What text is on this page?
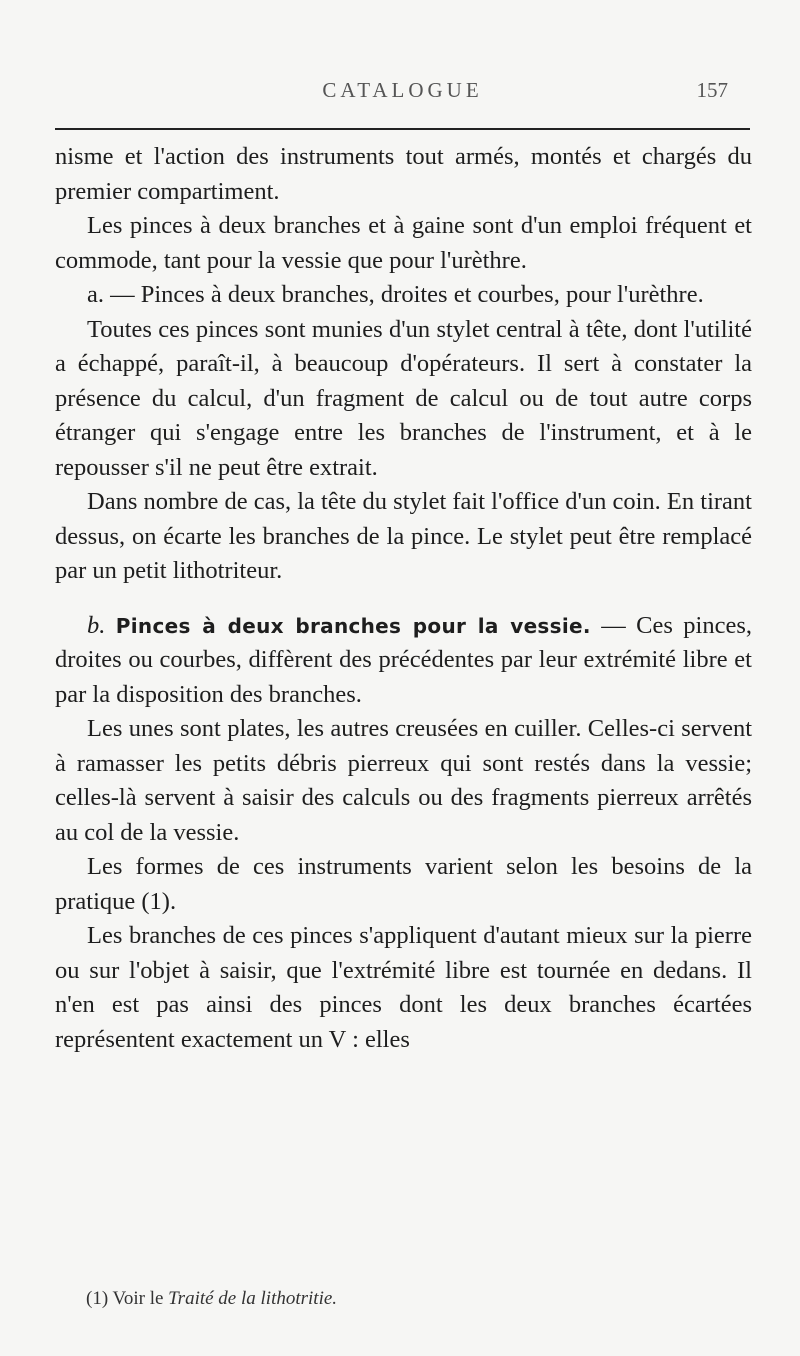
CATALOGUE	157

nisme et l'action des instruments tout armés, montés et chargés du premier compartiment.

Les pinces à deux branches et à gaine sont d'un emploi fréquent et commode, tant pour la vessie que pour l'urèthre.

a. — Pinces à deux branches, droites et courbes, pour l'urèthre.

Toutes ces pinces sont munies d'un stylet central à tête, dont l'utilité a échappé, paraît-il, à beaucoup d'opérateurs. Il sert à constater la présence du calcul, d'un fragment de calcul ou de tout autre corps étranger qui s'engage entre les branches de l'instrument, et à le repousser s'il ne peut être extrait.

Dans nombre de cas, la tête du stylet fait l'office d'un coin. En tirant dessus, on écarte les branches de la pince. Le stylet peut être remplacé par un petit lithotriteur.

b. Pinces à deux branches pour la vessie. — Ces pinces, droites ou courbes, diffèrent des précédentes par leur extrémité libre et par la disposition des branches.

Les unes sont plates, les autres creusées en cuiller. Celles-ci servent à ramasser les petits débris pierreux qui sont restés dans la vessie; celles-là servent à saisir des calculs ou des fragments pierreux arrêtés au col de la vessie.

Les formes de ces instruments varient selon les besoins de la pratique (1).

Les branches de ces pinces s'appliquent d'autant mieux sur la pierre ou sur l'objet à saisir, que l'extrémité libre est tournée en dedans. Il n'en est pas ainsi des pinces dont les deux branches écartées représentent exactement un V : elles

(1) Voir le Traité de la lithotritie.
